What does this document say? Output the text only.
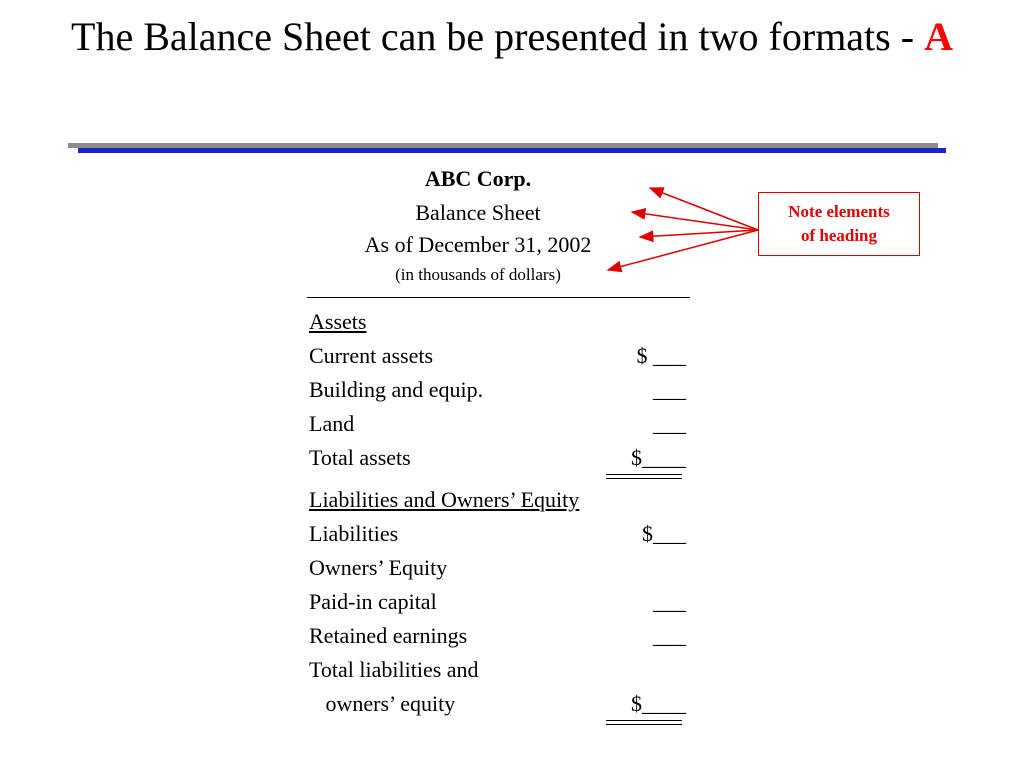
The Balance Sheet can be presented in two formats - A
ABC Corp.
Balance Sheet
As of December 31, 2002
(in thousands of dollars)
Note elements
of heading
Assets
Current assets	$ ___
Building and equip.	___
Land	___
Total assets	$____
Liabilities and Owners’ Equity
Liabilities	$___
Owners’ Equity
Paid-in capital	___
Retained earnings	___
Total liabilities and
owners’ equity	$____
